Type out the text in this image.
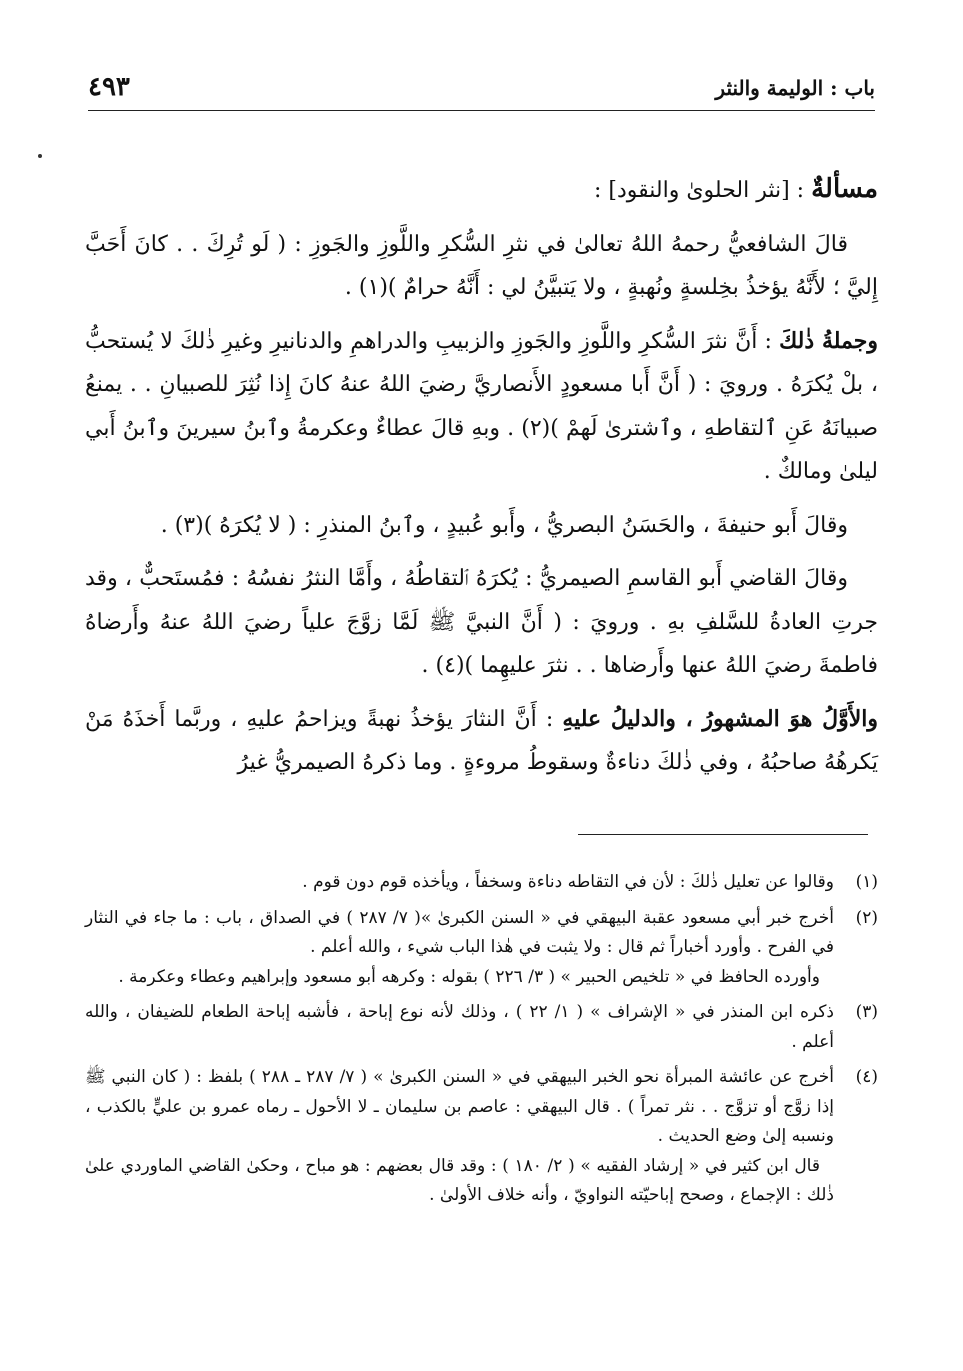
باب : الوليمة والنثر
٤٩٣

مسألةٌ : [نثر الحلوىٰ والنقود] :

قالَ الشافعيُّ رحمهُ اللهُ تعالىٰ في نثرِ السُّكرِ واللَّوزِ والجَوزِ : ( لَو تُرِكَ . . كانَ أَحَبَّ إِليَّ ؛ لأَنَّهُ يؤخذُ بخِلسةٍ ونُهبةٍ ، ولا يَتبيَّنُ لي : أَنَّهُ حرامٌ )(١) .

وجملةُ ذٰلكَ : أَنَّ نثرَ السُّكرِ واللَّوزِ والجَوزِ والزبيبِ والدراهمِ والدنانيرِ وغيرِ ذٰلكَ لا يُستحبُّ ، بلْ يُكرَهُ . ورويَ : ( أَنَّ أَبا مسعودٍ الأَنصاريَّ رضيَ اللهُ عنهُ كانَ إِذا نُثِرَ للصبيانِ . . يمنعُ صبيانَهُ عَنِ ٱلتقاطهِ ، وٱشترىٰ لَهمْ )(٢) . وبهِ قالَ عطاءٌ وعكرمةُ وٱبنُ سيرينَ وٱبنُ أَبي ليلىٰ ومالكٌ .

وقالَ أَبو حنيفةَ ، والحَسَنُ البصريُّ ، وأَبو عُبيدٍ ، وٱبنُ المنذرِ : ( لا يُكرَهُ )(٣) .

وقالَ القاضي أَبو القاسمِ الصيمريُّ : يُكرَهُ ٱلتقاطُهُ ، وأَمَّا النثرُ نفسُهُ : فمُستَحبٌّ ، وقد جرتِ العادةُ للسَّلفِ بهِ . ورويَ : ( أَنَّ النبيَّ ﷺ لَمَّا زوَّجَ علياً رضيَ اللهُ عنهُ وأَرضاهُ فاطمةَ رضيَ اللهُ عنها وأَرضاها . . نثرَ عليهِما )(٤) .

والأَوَّلُ هوَ المشهورُ ، والدليلُ عليهِ : أَنَّ النثارَ يؤخذُ نهبةً ويزاحمُ عليهِ ، وربَّما أَخذَهُ مَنْ يَكرهُهُ صاحبُهُ ، وفي ذٰلكَ دناءةٌ وسقوطُ مروءةٍ . وما ذكرهُ الصيمريُّ غيرُ

(١)
وقالوا عن تعليل ذٰلكَ : لأن في التقاطه دناءة وسخفاً ، ويأخذه قوم دون قوم .
(٢)
أخرج خبر أبي مسعود عقبة البيهقي في « السنن الكبرىٰ »( ٧/ ٢٨٧ ) في الصداق ، باب : ما جاء في النثار في الفرح . وأورد أخباراً ثم قال : ولا يثبت في هٰذا الباب شيء ، والله أعلم .
وأورده الحافظ في « تلخيص الحبير » ( ٣/ ٢٢٦ ) بقوله : وكرهه أبو مسعود وإبراهيم وعطاء وعكرمة .
(٣)
ذكره ابن المنذر في « الإشراف » ( ١/ ٢٢ ) ، وذلك لأنه نوع إباحة ، فأشبه إباحة الطعام للضيفان ، والله أعلم .
(٤)
أخرج عن عائشة المبرأة نحو الخبر البيهقي في « السنن الكبرىٰ » ( ٧/ ٢٨٧ ـ ٢٨٨ ) بلفظ : ( كان النبي ﷺ إذا زوَّج أو تزوَّج . . نثر تمراً ) . قال البيهقي : عاصم بن سليمان ـ لا الأحول ـ رماه عمرو بن عليٍّ بالكذب ، ونسبه إلىٰ وضع الحديث .
قال ابن كثير في « إرشاد الفقيه » ( ٢/ ١٨٠ ) : وقد قال بعضهم : هو مباح ، وحكىٰ القاضي الماوردي علىٰ ذٰلك : الإجماع ، وصحح إباحيّته النواويّ ، وأنه خلاف الأولىٰ .
